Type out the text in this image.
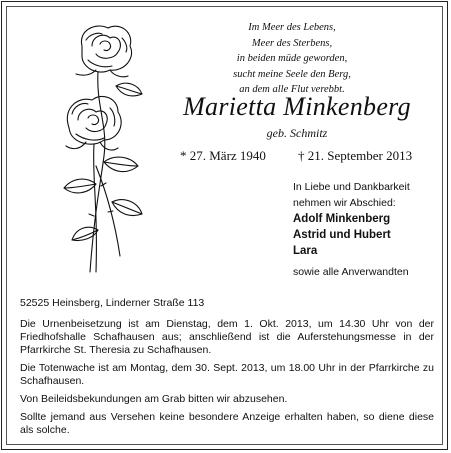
Im Meer des Lebens,
Meer des Sterbens,
in beiden müde geworden,
sucht meine Seele den Berg,
an dem alle Flut verebbt.
Marietta Minkenberg
geb. Schmitz
* 27. März 1940 † 21. September 2013
In Liebe und Dankbarkeit
nehmen wir Abschied:
Adolf Minkenberg
Astrid und Hubert
Lara
sowie alle Anverwandten
52525 Heinsberg, Linderner Straße 113

Die Urnenbeisetzung ist am Dienstag, dem 1. Okt. 2013, um 14.30 Uhr von der Friedhofshalle Schafhausen aus; anschließend ist die Auferstehungsmesse in der Pfarrkirche St. Theresia zu Schafhausen.

Die Totenwache ist am Montag, dem 30. Sept. 2013, um 18.00 Uhr in der Pfarrkirche zu Schafhausen.

Von Beileidsbekundungen am Grab bitten wir abzusehen.

Sollte jemand aus Versehen keine besondere Anzeige erhalten haben, so diene diese als solche.
